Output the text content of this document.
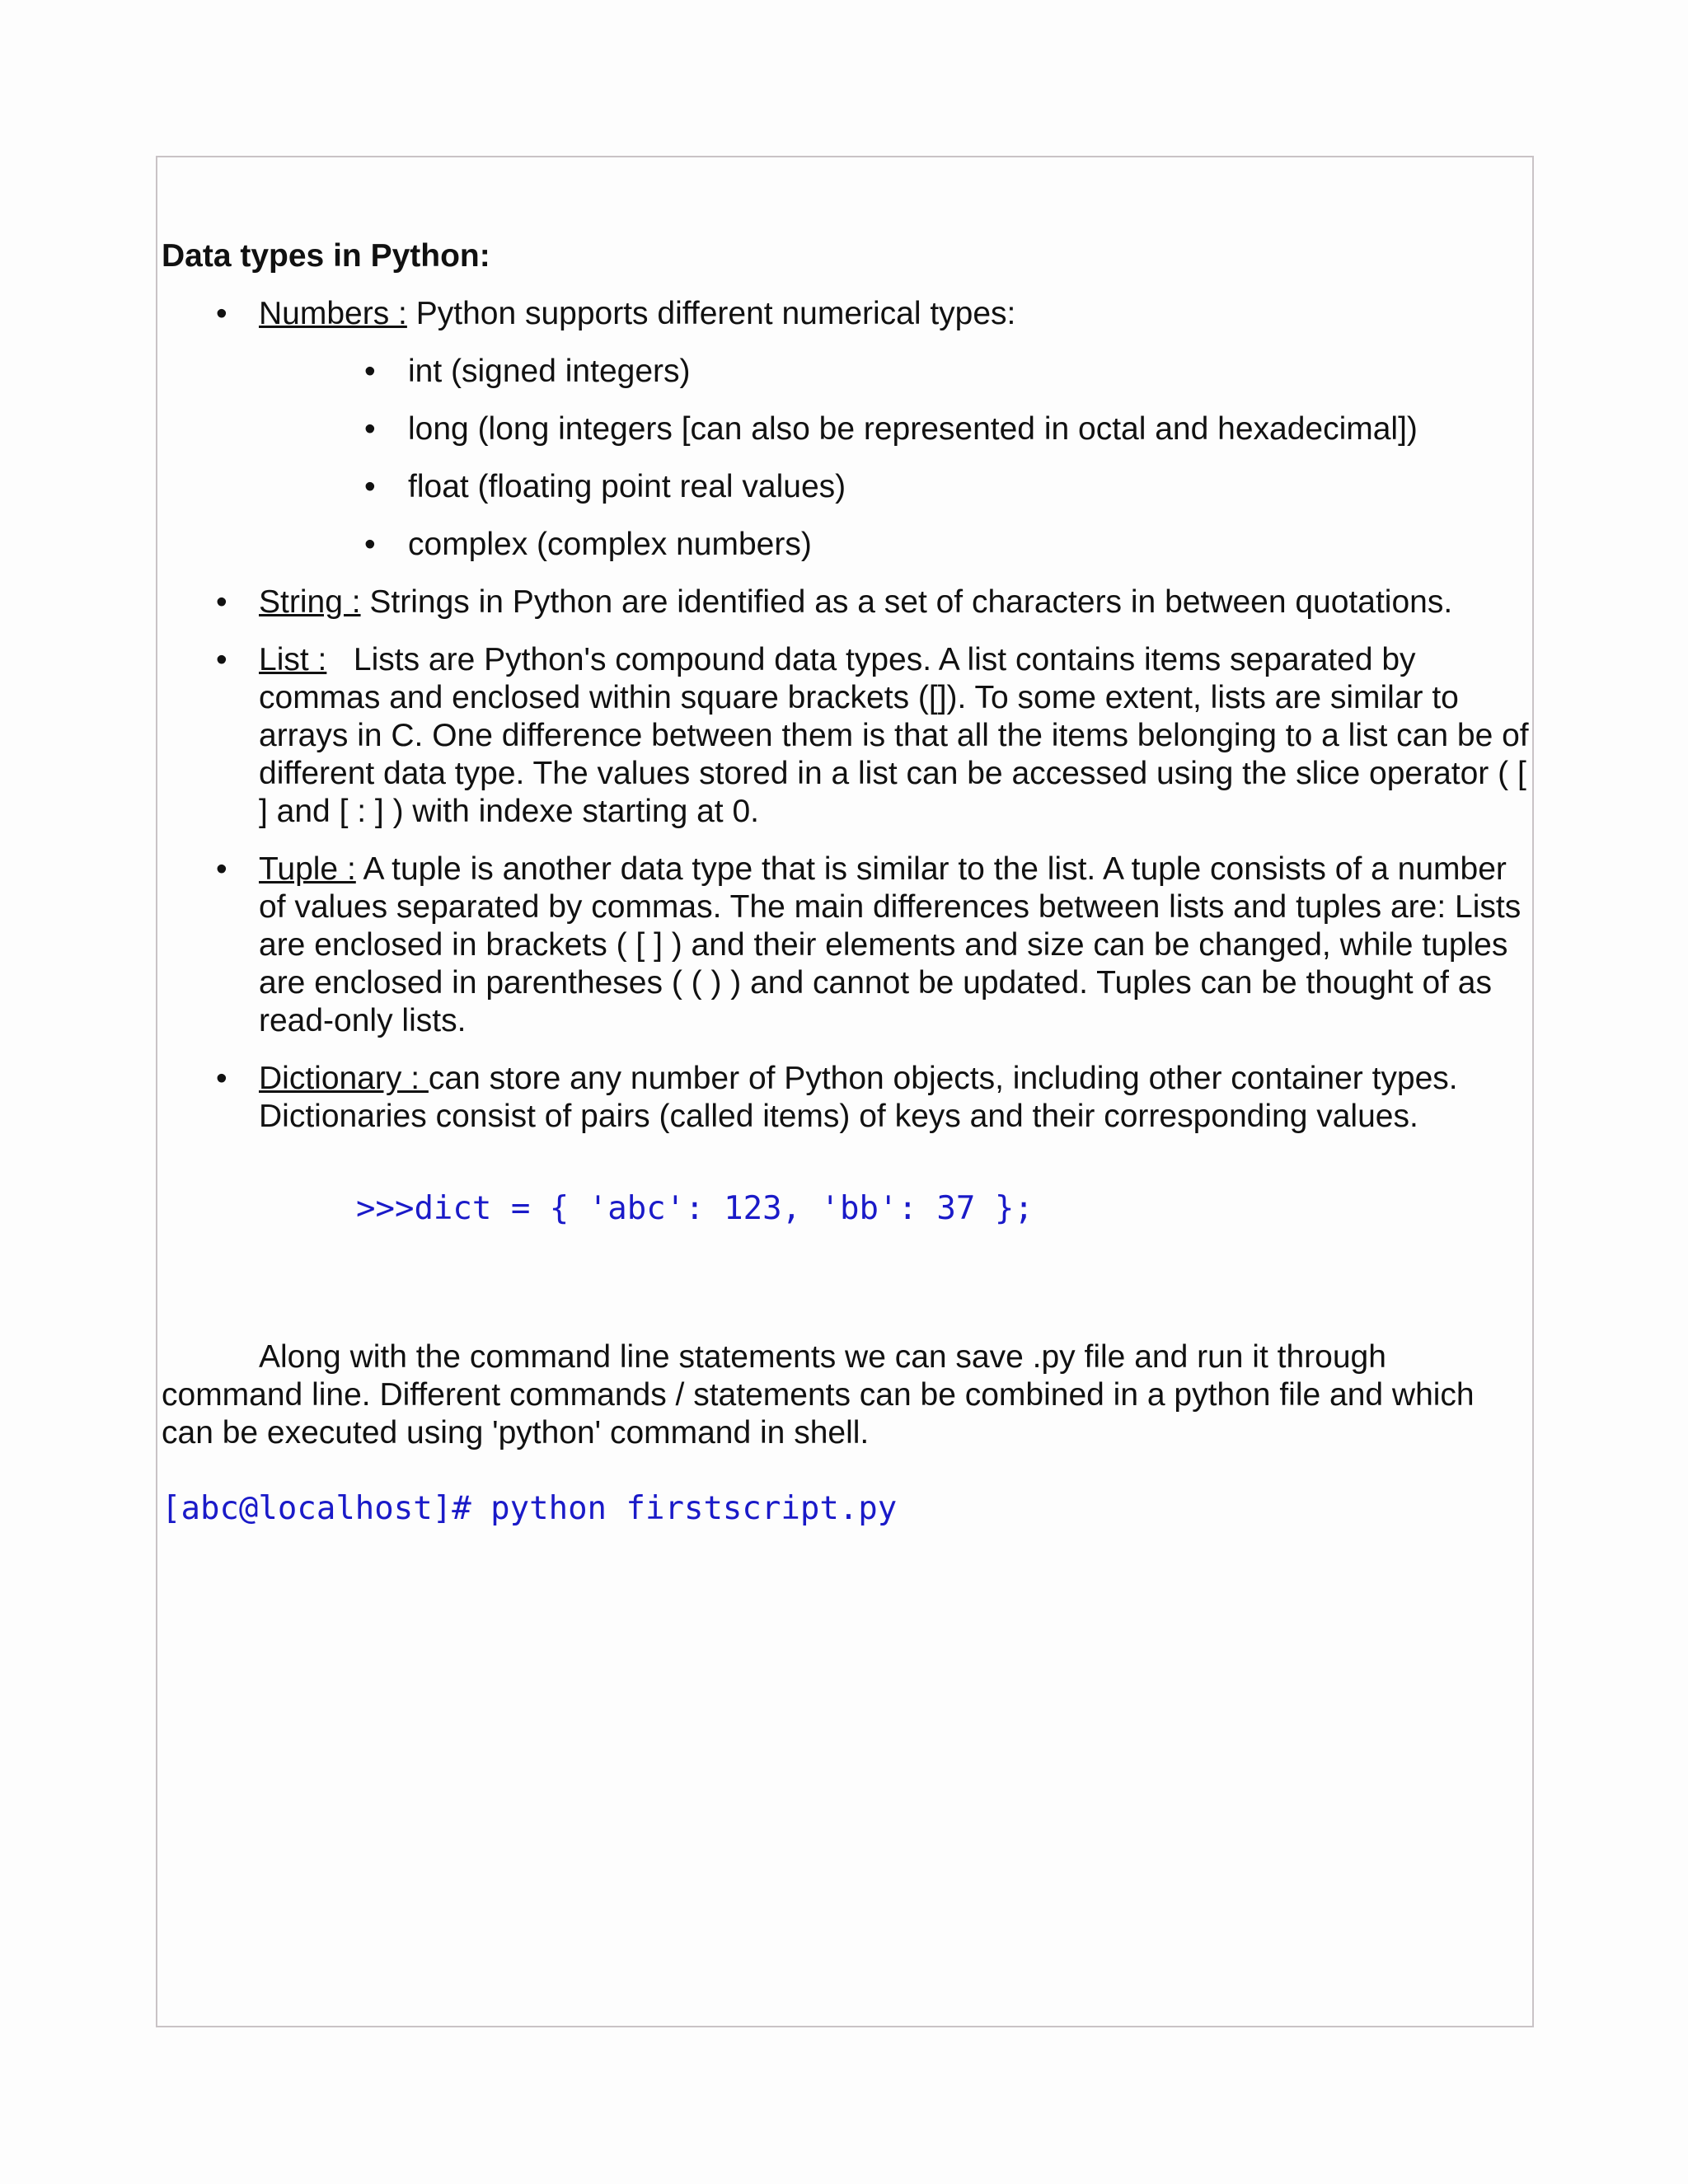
Data types in Python:
• Numbers : Python supports different numerical types:
• int (signed integers)
• long (long integers [can also be represented in octal and hexadecimal])
• float (floating point real values)
• complex (complex numbers)
• String : Strings in Python are identified as a set of characters in between quotations.
• List :   Lists are Python's compound data types. A list contains items separated by commas and enclosed within square brackets ([]). To some extent, lists are similar to arrays in C. One difference between them is that all the items belonging to a list can be of different data type. The values stored in a list can be accessed using the slice operator ( [ ] and [ : ] ) with indexe starting at 0.
• Tuple : A tuple is another data type that is similar to the list. A tuple consists of a number of values separated by commas. The main differences between lists and tuples are: Lists are enclosed in brackets ( [ ] ) and their elements and size can be changed, while tuples are enclosed in parentheses ( ( ) ) and cannot be updated. Tuples can be thought of as read-only lists.
• Dictionary : can store any number of Python objects, including other container types. Dictionaries consist of pairs (called items) of keys and their corresponding values.
>>>dict = { 'abc': 123, 'bb': 37 };
Along with the command line statements we can save .py file and run it through command line. Different commands / statements can be combined in a python file and which can be executed using 'python' command in shell.
[abc@localhost]# python firstscript.py
